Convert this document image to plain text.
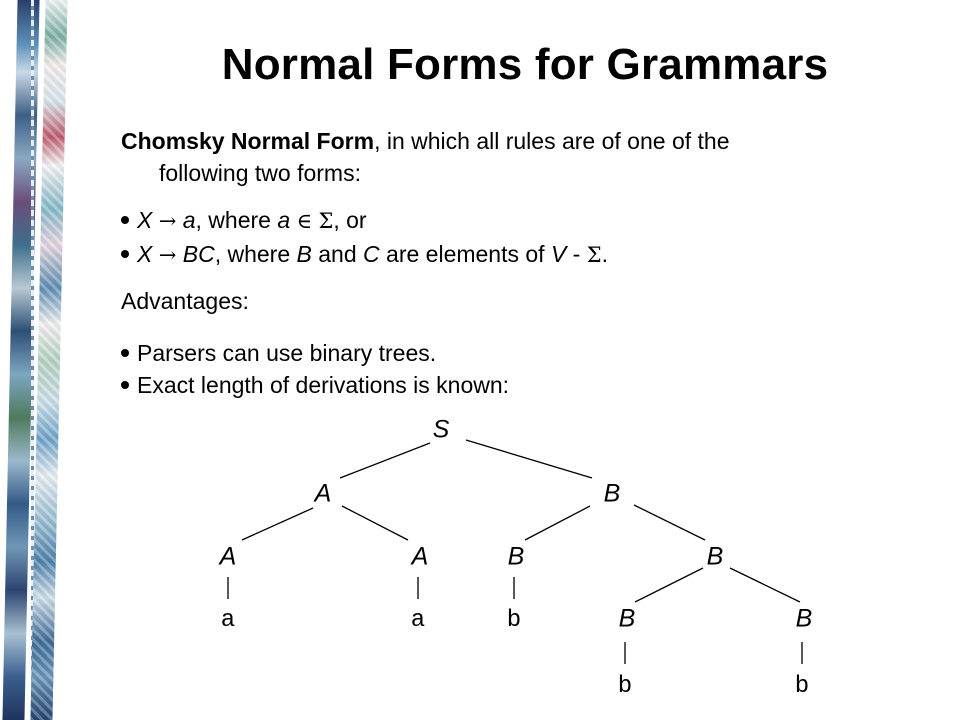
Normal Forms for Grammars
Chomsky Normal Form, in which all rules are of one of the
following two forms:
X → a, where a ∈ Σ, or
X → BC, where B and C are elements of V - Σ.
Advantages:
Parsers can use binary trees.
Exact length of derivations is known:
S
A	B
A	A	B	B
B	B
a	a	b
b	b
